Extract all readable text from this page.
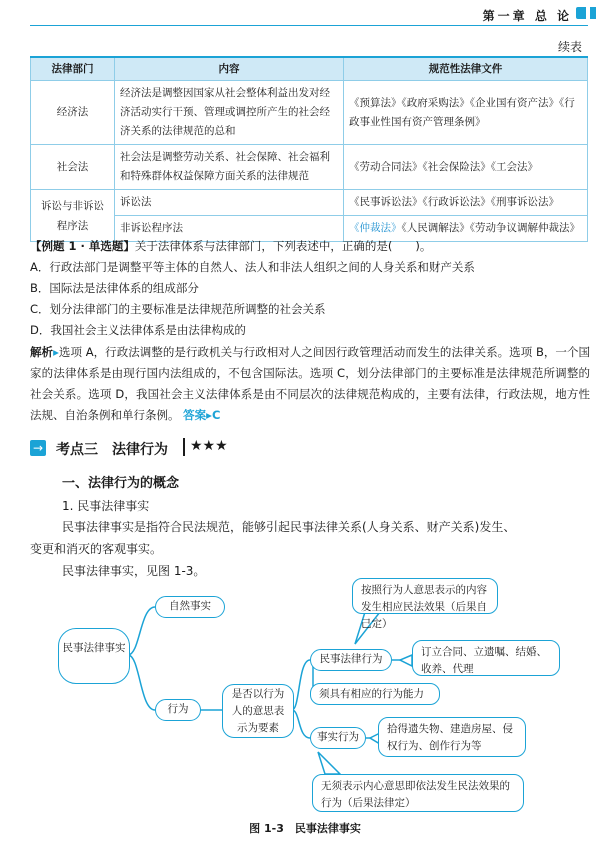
第一章 总 论
续表
法律部门	内容	规范性法律文件
经济法	经济法是调整因国家从社会整体利益出发对经济活动实行干预、管理或调控所产生的社会经济关系的法律规范的总和	《预算法》《政府采购法》《企业国有资产法》《行政事业性国有资产管理条例》
社会法	社会法是调整劳动关系、社会保障、社会福利和特殊群体权益保障方面关系的法律规范	《劳动合同法》《社会保险法》《工会法》
诉讼与非诉讼程序法	诉讼法	《民事诉讼法》《行政诉讼法》《刑事诉讼法》
	非诉讼程序法	《仲裁法》《人民调解法》《劳动争议调解仲裁法》
【例题 1 · 单选题】关于法律体系与法律部门，下列表述中，正确的是(　　)。
A．行政法部门是调整平等主体的自然人、法人和非法人组织之间的人身关系和财产关系
B．国际法是法律体系的组成部分
C．划分法律部门的主要标准是法律规范所调整的社会关系
D．我国社会主义法律体系是由法律构成的
解析▸选项 A，行政法调整的是行政机关与行政相对人之间因行政管理活动而发生的法律关系。选项 B，一个国家的法律体系是由现行国内法组成的，不包含国际法。选项 C，划分法律部门的主要标准是法律规范所调整的社会关系。选项 D，我国社会主义法律体系是由不同层次的法律规范构成的，主要有法律，行政法规，地方性法规、自治条例和单行条例。 答案▸C
→ 考点三　法律行为 ★★★
一、法律行为的概念
1. 民事法律事实
民事法律事实是指符合民法规范，能够引起民事法律关系(人身关系、财产关系)发生、
变更和消灭的客观事实。
民事法律事实，见图 1-3。
民事法律事实
自然事实
行为
是否以行为人的意思表示为要素
民事法律行为
事实行为
按照行为人意思表示的内容发生相应民法效果（后果自己定）
订立合同、立遗嘱、结婚、收养、代理
须具有相应的行为能力
拾得遗失物、建造房屋、侵权行为、创作行为等
无须表示内心意思即依法发生民法效果的行为（后果法律定）
图 1-3　民事法律事实
